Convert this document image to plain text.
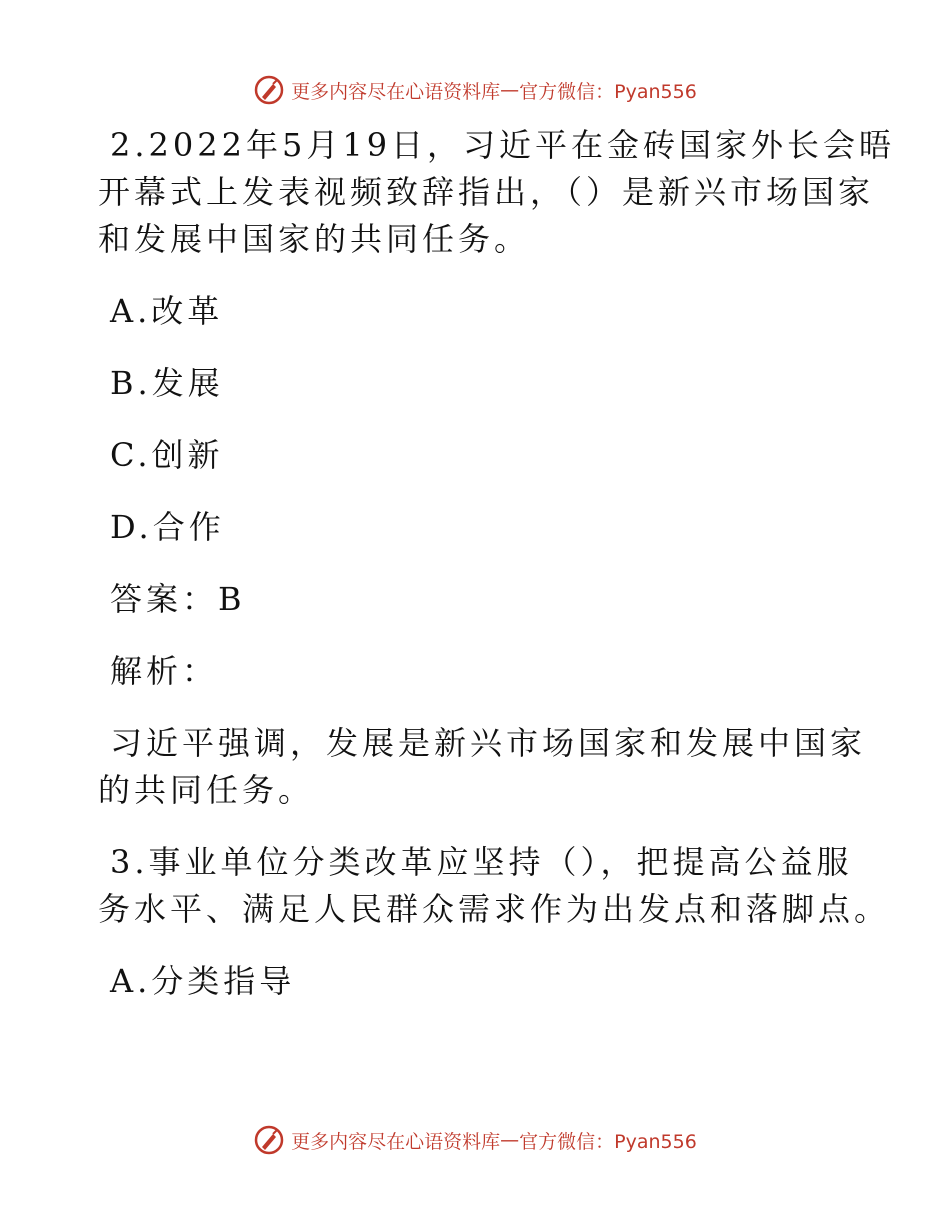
更多内容尽在心语资料库 — 官方微信：Pyan556
2.2022年5月19日，习近平在金砖国家外长会晤
开幕式上发表视频致辞指出，（）是新兴市场国家
和发展中国家的共同任务。
A.改革
B.发展
C.创新
D.合作
答案：B
解析：
习近平强调，发展是新兴市场国家和发展中国家
的共同任务。
3.事业单位分类改革应坚持（），把提高公益服
务水平、满足人民群众需求作为出发点和落脚点。
A.分类指导
更多内容尽在心语资料库 — 官方微信：Pyan556
